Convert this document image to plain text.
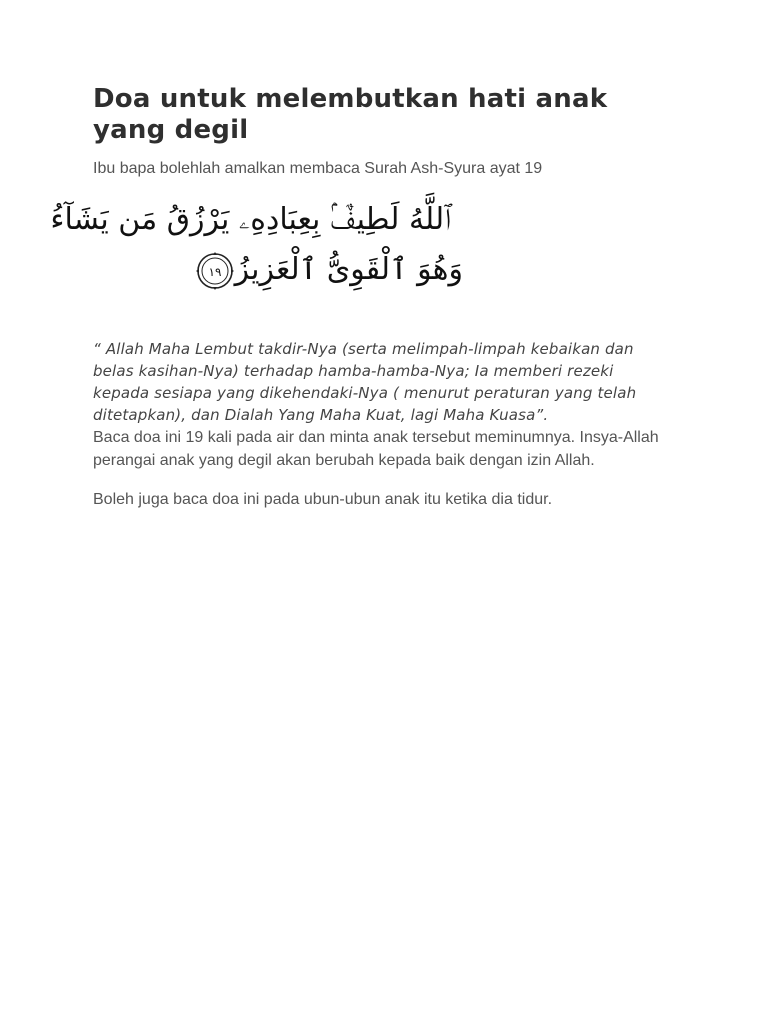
Doa untuk melembutkan hati anak yang degil

Ibu bapa bolehlah amalkan membaca Surah Ash-Syura ayat 19

ٱللَّهُ لَطِيفٌۢ بِعِبَادِهِۦ يَرْزُقُ مَن يَشَآءُ
وَهُوَ ٱلْقَوِىُّ ٱلْعَزِيزُ
١٩

“ Allah Maha Lembut takdir-Nya (serta melimpah-limpah kebaikan dan belas kasihan-Nya) terhadap hamba-hamba-Nya; Ia memberi rezeki kepada sesiapa yang dikehendaki-Nya ( menurut peraturan yang telah ditetapkan), dan Dialah Yang Maha Kuat, lagi Maha Kuasa”.

Baca doa ini 19 kali pada air dan minta anak tersebut meminumnya. Insya-Allah perangai anak yang degil akan berubah kepada baik dengan izin Allah.

Boleh juga baca doa ini pada ubun-ubun anak itu ketika dia tidur.
